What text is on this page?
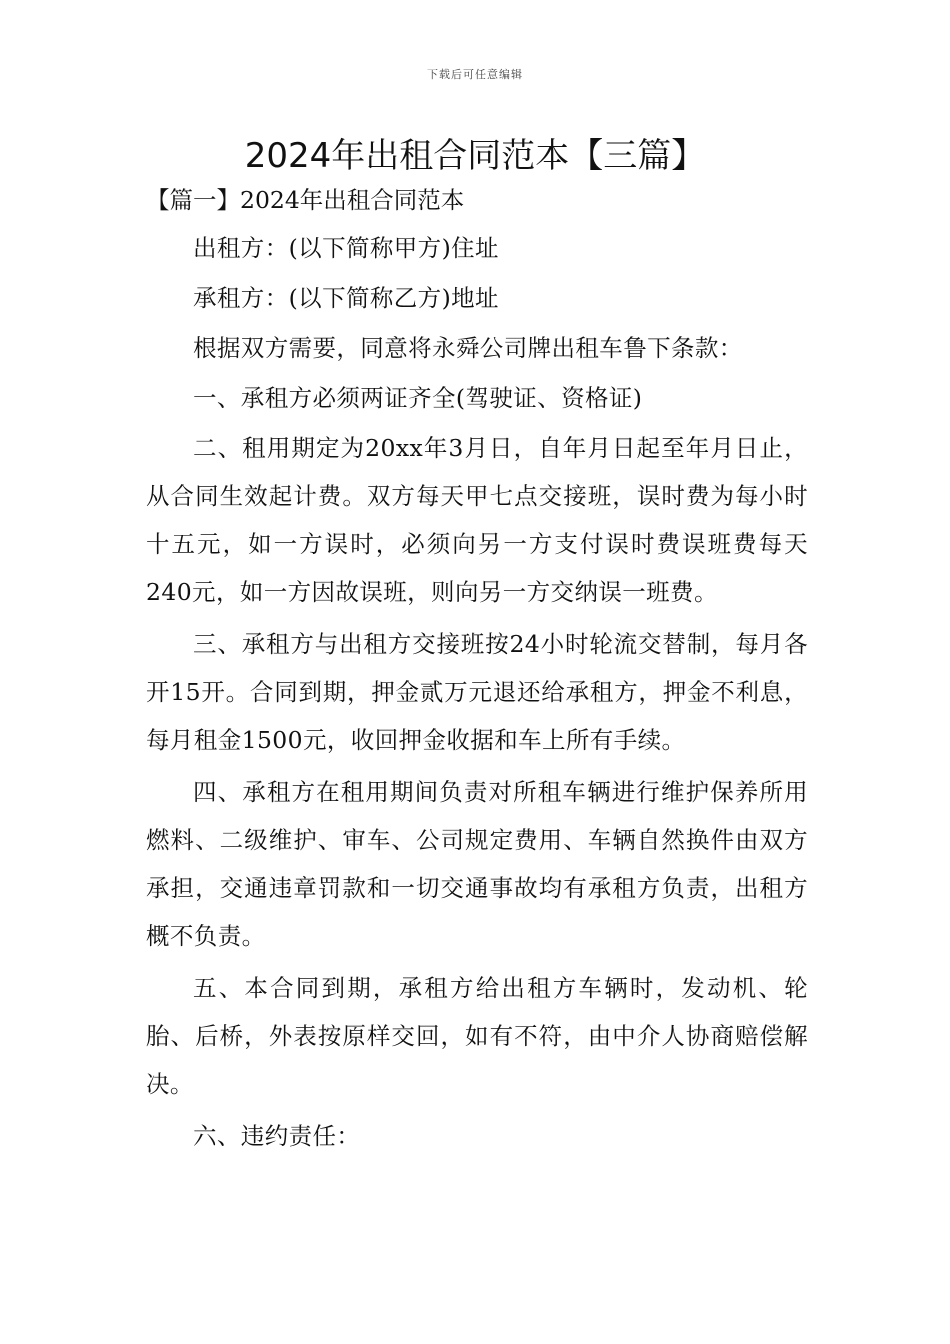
下载后可任意编辑
2024年出租合同范本【三篇】
【篇一】2024年出租合同范本

出租方：(以下简称甲方)住址

承租方：(以下简称乙方)地址

根据双方需要，同意将永舜公司牌出租车鲁下条款：

一、承租方必须两证齐全(驾驶证、资格证)

二、租用期定为20xx年3月日，自年月日起至年月日止，从合同生效起计费。双方每天甲七点交接班，误时费为每小时十五元，如一方误时，必须向另一方支付误时费误班费每天240元，如一方因故误班，则向另一方交纳误一班费。

三、承租方与出租方交接班按24小时轮流交替制，每月各开15开。合同到期，押金贰万元退还给承租方，押金不利息，每月租金1500元，收回押金收据和车上所有手续。

四、承租方在租用期间负责对所租车辆进行维护保养所用燃料、二级维护、审车、公司规定费用、车辆自然换件由双方承担，交通违章罚款和一切交通事故均有承租方负责，出租方概不负责。

五、本合同到期，承租方给出租方车辆时，发动机、轮胎、后桥，外表按原样交回，如有不符，由中介人协商赔偿解决。

六、违约责任：
